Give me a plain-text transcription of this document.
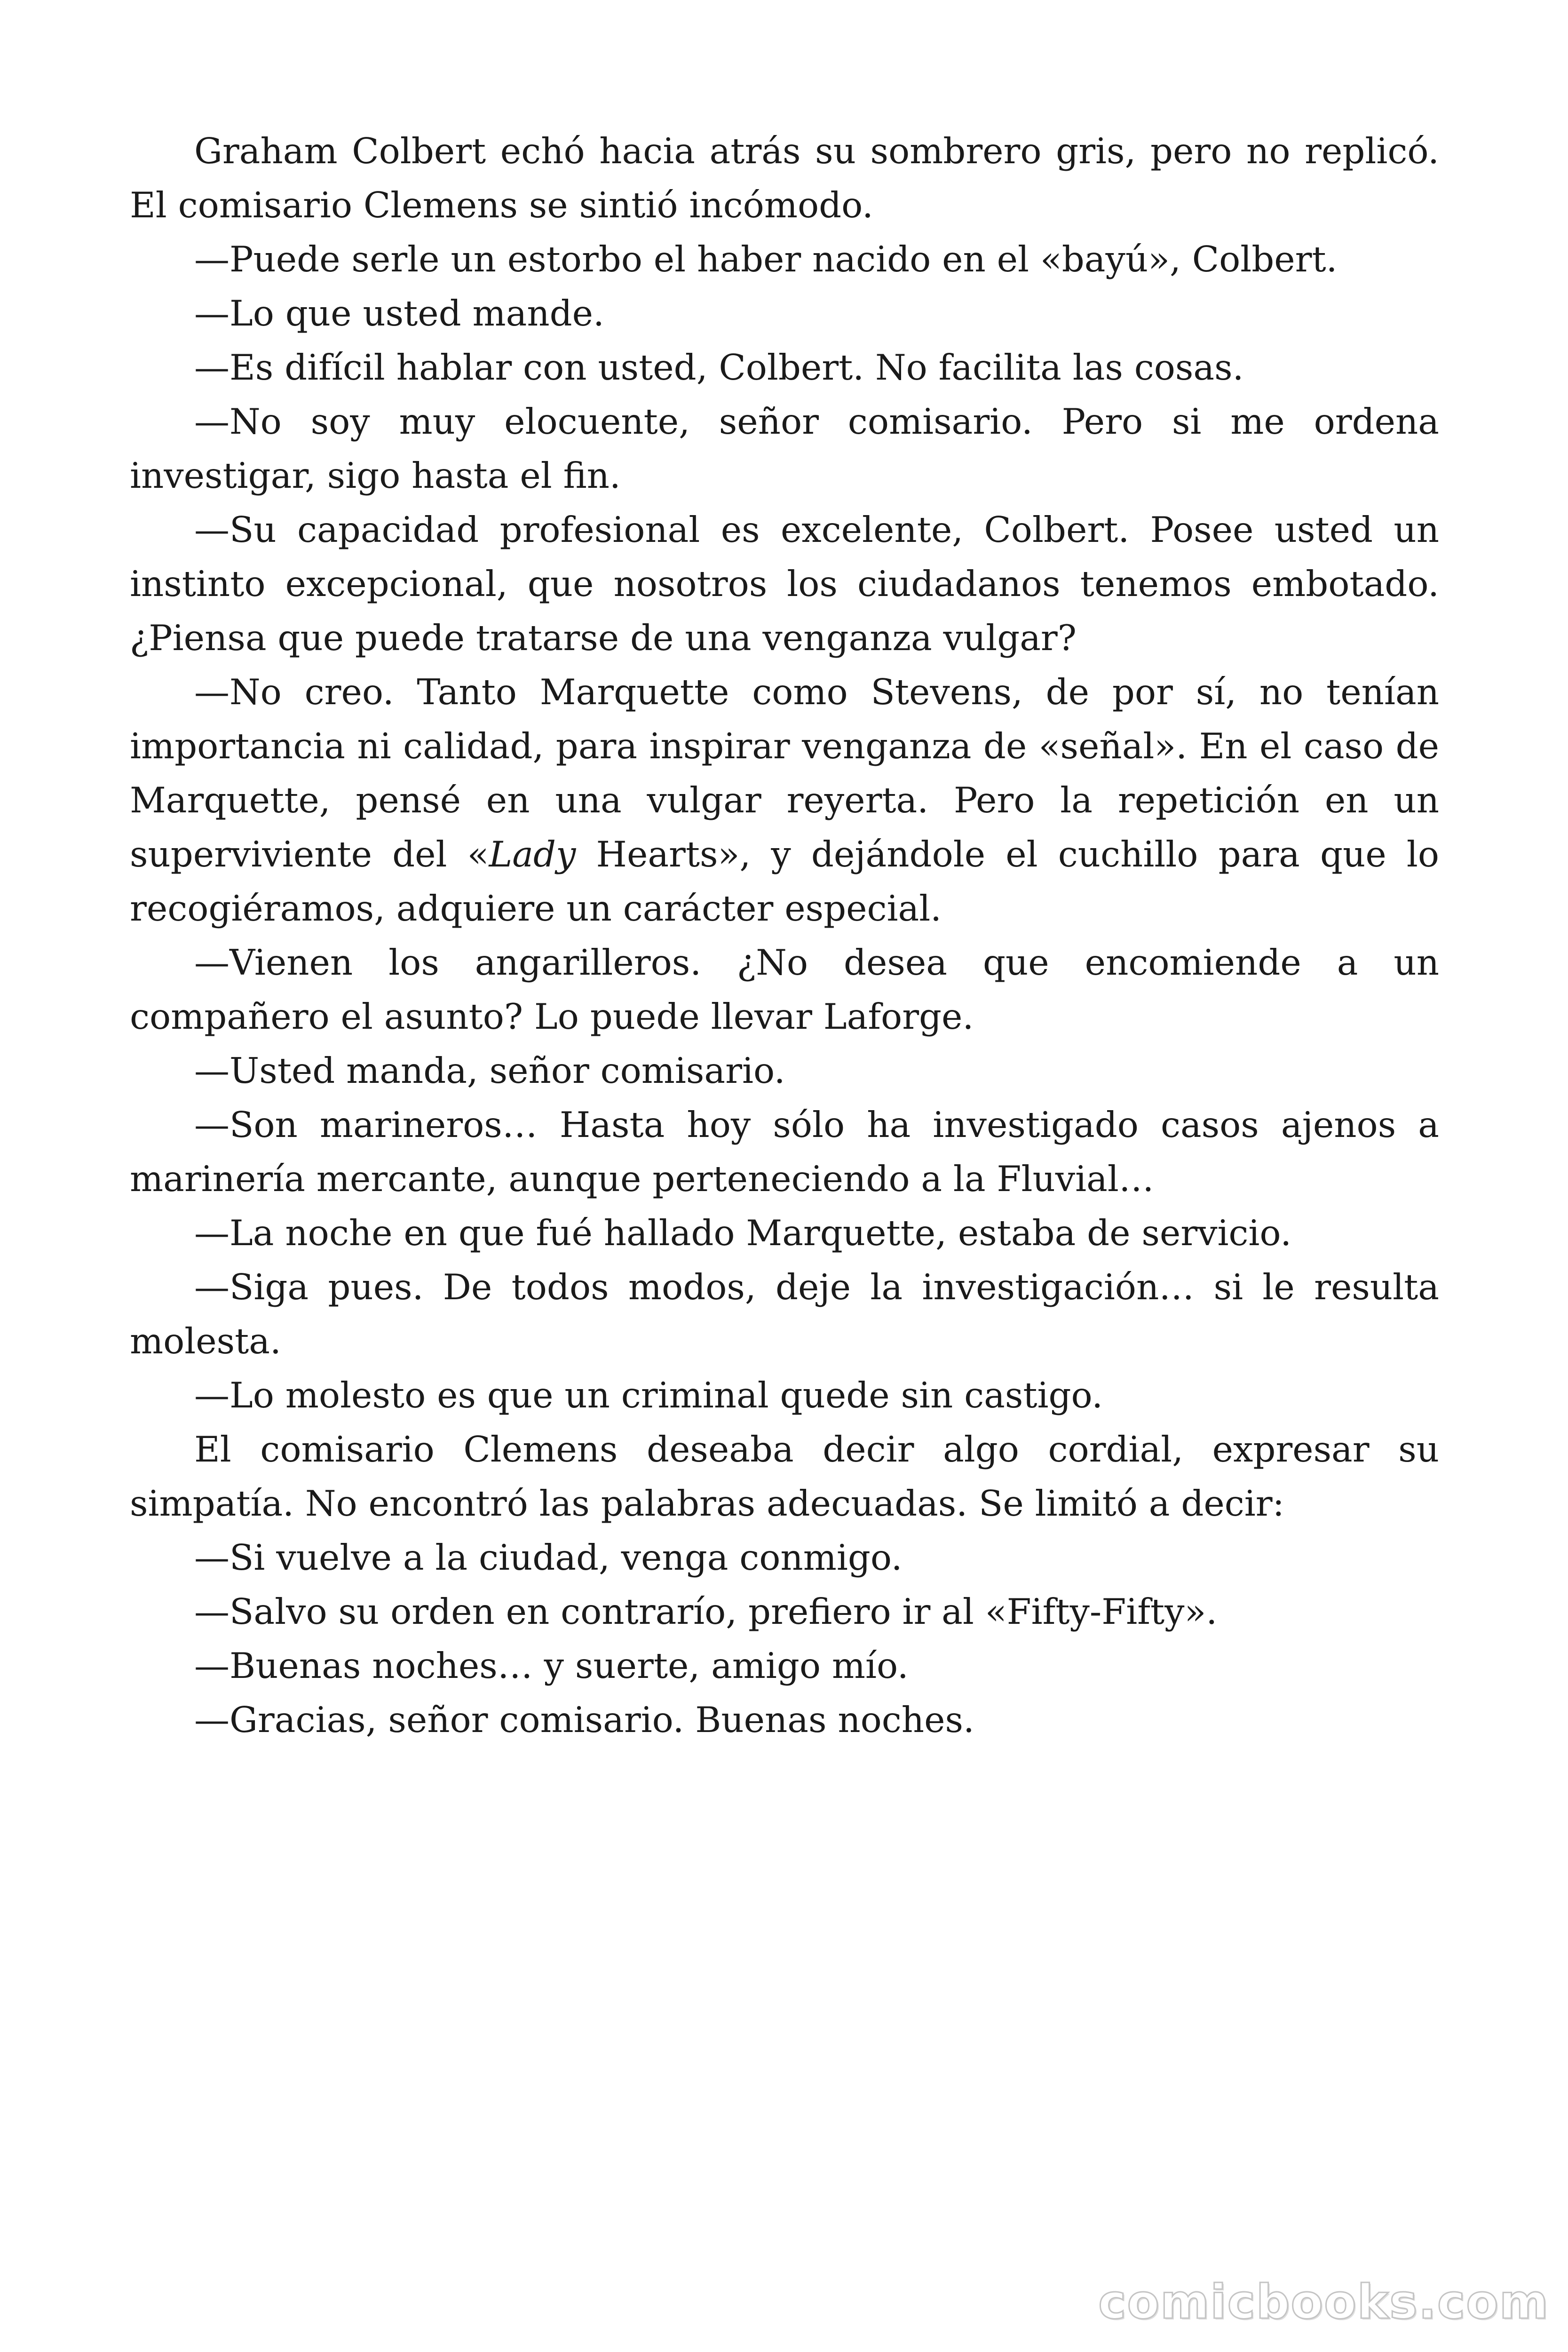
Graham Colbert echó hacia atrás su sombrero gris, pero no replicó. El comisario Clemens se sintió incómodo.

—Puede serle un estorbo el haber nacido en el «bayú», Colbert.

—Lo que usted mande.

—Es difícil hablar con usted, Colbert. No facilita las cosas.

—No soy muy elocuente, señor comisario. Pero si me ordena investigar, sigo hasta el fin.

—Su capacidad profesional es excelente, Colbert. Posee usted un instinto excepcional, que nosotros los ciudadanos tenemos embotado. ¿Piensa que puede tratarse de una venganza vulgar?

—No creo. Tanto Marquette como Stevens, de por sí, no tenían importancia ni calidad, para inspirar venganza de «señal». En el caso de Marquette, pensé en una vulgar reyerta. Pero la repetición en un superviviente del «Lady Hearts», y dejándole el cuchillo para que lo recogiéramos, adquiere un carácter especial.

—Vienen los angarilleros. ¿No desea que encomiende a un compañero el asunto? Lo puede llevar Laforge.

—Usted manda, señor comisario.

—Son marineros… Hasta hoy sólo ha investigado casos ajenos a marinería mercante, aunque perteneciendo a la Fluvial…

—La noche en que fué hallado Marquette, estaba de servicio.

—Siga pues. De todos modos, deje la investigación… si le resulta molesta.

—Lo molesto es que un criminal quede sin castigo.

El comisario Clemens deseaba decir algo cordial, expresar su simpatía. No encontró las palabras adecuadas. Se limitó a decir:

—Si vuelve a la ciudad, venga conmigo.

—Salvo su orden en contrarío, prefiero ir al «Fifty-Fifty».

—Buenas noches… y suerte, amigo mío.

—Gracias, señor comisario. Buenas noches.

comicbooks.com
